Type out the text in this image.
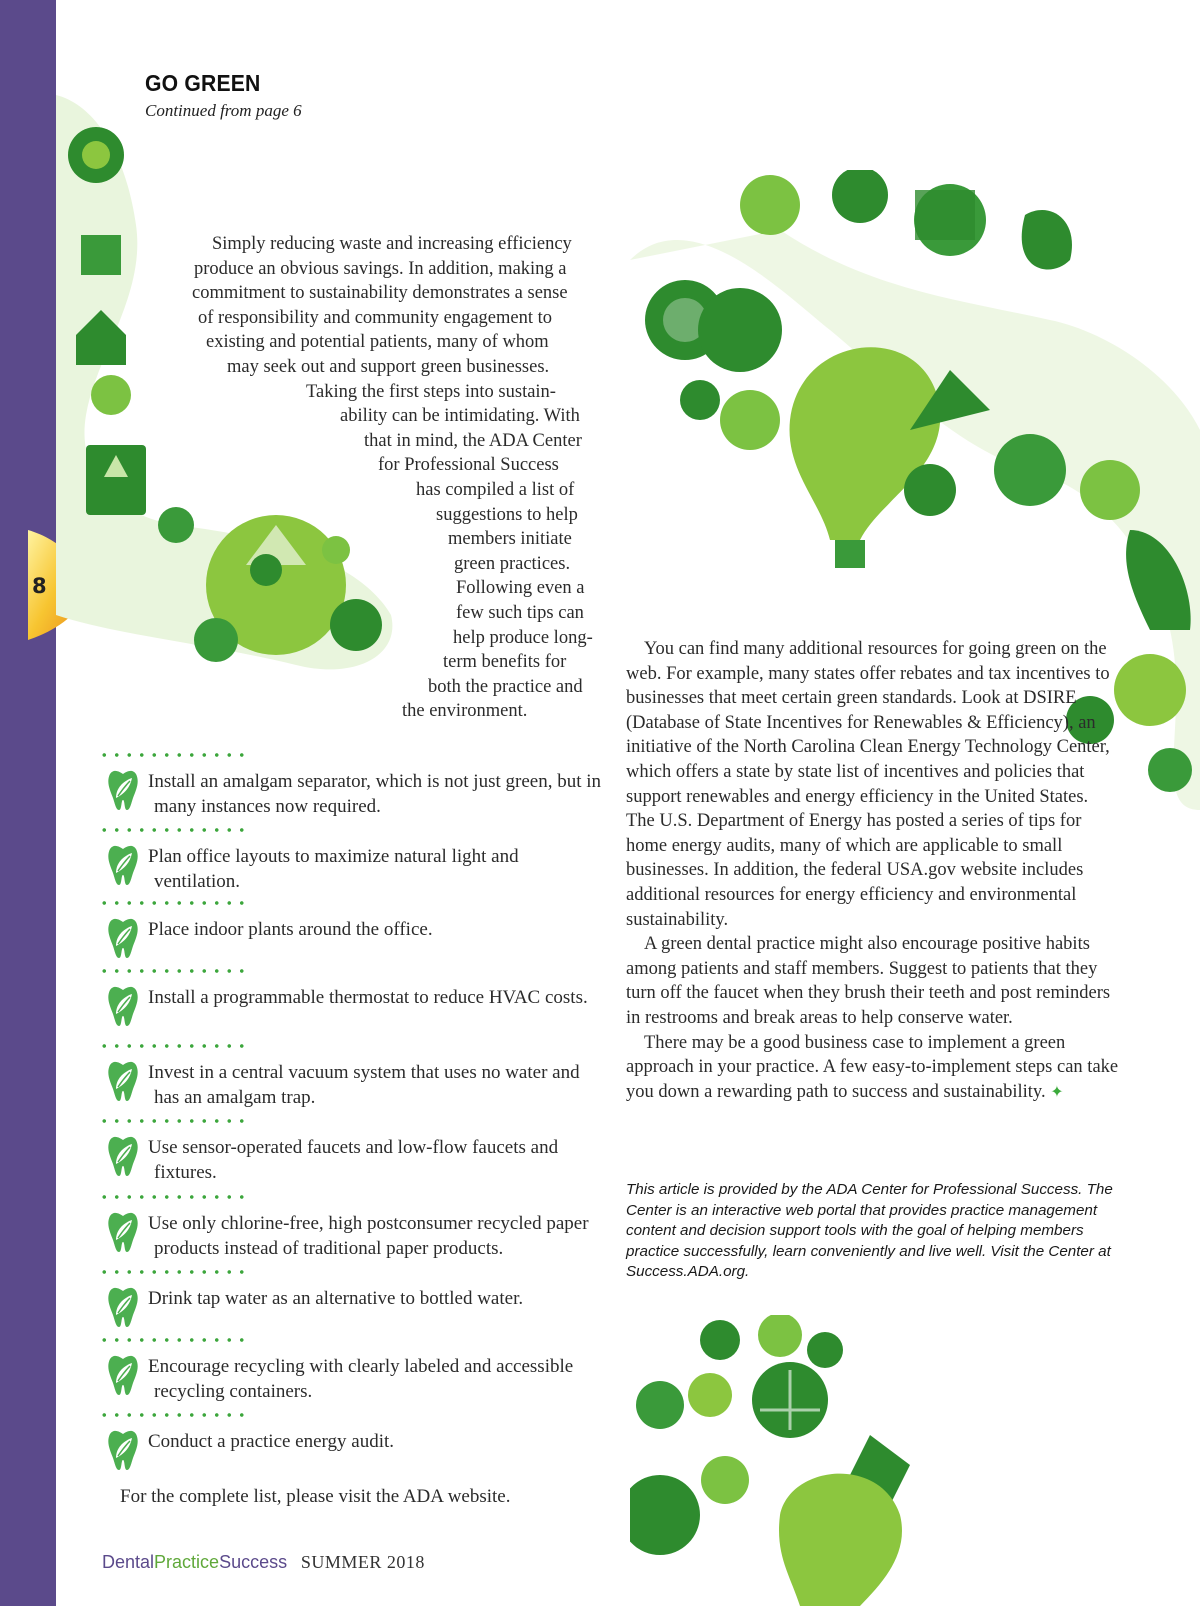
8
GO GREEN
Continued from page 6
Simply reducing waste and increasing efficiency
produce an obvious savings. In addition, making a
commitment to sustainability demonstrates a sense
of responsibility and community engagement to
existing and potential patients, many of whom
may seek out and support green businesses.
Taking the first steps into sustain-
ability can be intimidating. With
that in mind, the ADA Center
for Professional Success
has compiled a list of
suggestions to help
members initiate
green practices.
Following even a
few such tips can
help produce long-
term benefits for
both the practice and
the environment.
Install an amalgam separator, which is not just green, but in many instances now required.
Plan office layouts to maximize natural light and ventilation.
Place indoor plants around the office.
Install a programmable thermostat to reduce HVAC costs.
Invest in a central vacuum system that uses no water and has an amalgam trap.
Use sensor-operated faucets and low-flow faucets and fixtures.
Use only chlorine-free, high postconsumer recycled paper products instead of traditional paper products.
Drink tap water as an alternative to bottled water.
Encourage recycling with clearly labeled and accessible recycling containers.
Conduct a practice energy audit.
For the complete list, please visit the ADA website.

You can find many additional resources for going green on the web. For example, many states offer rebates and tax incentives to businesses that meet certain green standards. Look at DSIRE (Database of State Incentives for Renewables & Efficiency), an initiative of the North Carolina Clean Energy Technology Center, which offers a state by state list of incentives and policies that support renewables and energy efficiency in the United States. The U.S. Department of Energy has posted a series of tips for home energy audits, many of which are applicable to small businesses. In addition, the federal USA.gov website includes additional resources for energy efficiency and environmental sustainability.

A green dental practice might also encourage positive habits among patients and staff members. Suggest to patients that they turn off the faucet when they brush their teeth and post reminders in restrooms and break areas to help conserve water.

There may be a good business case to implement a green approach in your practice. A few easy-to-implement steps can take you down a rewarding path to success and sustainability. ✦

This article is provided by the ADA Center for Professional Success. The Center is an interactive web portal that provides practice management content and decision support tools with the goal of helping members practice successfully, learn conveniently and live well. Visit the Center at Success.ADA.org.
DentalPracticeSuccess SUMMER 2018
